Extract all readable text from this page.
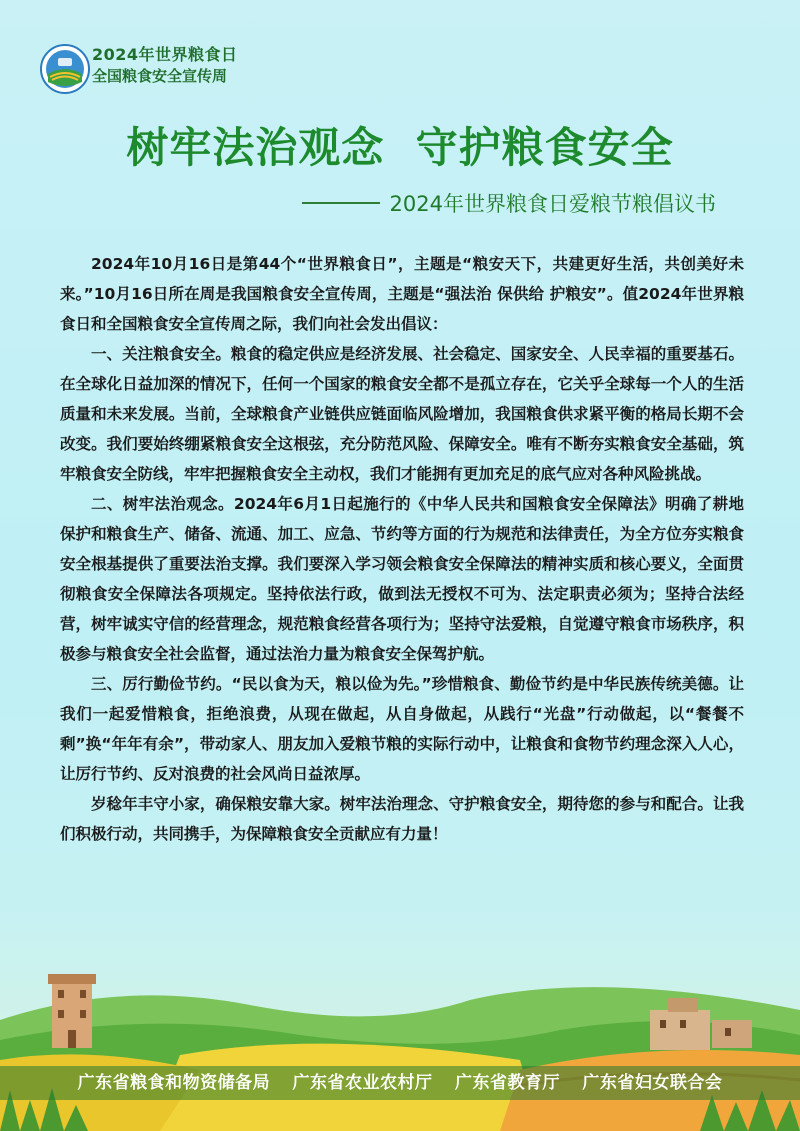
2024年世界粮食日
全国粮食安全宣传周
树牢法治观念  守护粮食安全
2024年世界粮食日爱粮节粮倡议书

2024年10月16日是第44个“世界粮食日”，主题是“粮安天下，共建更好生活，共创美好未来。”10月16日所在周是我国粮食安全宣传周，主题是“强法治 保供给 护粮安”。值2024年世界粮食日和全国粮食安全宣传周之际，我们向社会发出倡议：

一、关注粮食安全。粮食的稳定供应是经济发展、社会稳定、国家安全、人民幸福的重要基石。在全球化日益加深的情况下，任何一个国家的粮食安全都不是孤立存在，它关乎全球每一个人的生活质量和未来发展。当前，全球粮食产业链供应链面临风险增加，我国粮食供求紧平衡的格局长期不会改变。我们要始终绷紧粮食安全这根弦，充分防范风险、保障安全。唯有不断夯实粮食安全基础，筑牢粮食安全防线，牢牢把握粮食安全主动权，我们才能拥有更加充足的底气应对各种风险挑战。

二、树牢法治观念。2024年6月1日起施行的《中华人民共和国粮食安全保障法》明确了耕地保护和粮食生产、储备、流通、加工、应急、节约等方面的行为规范和法律责任，为全方位夯实粮食安全根基提供了重要法治支撑。我们要深入学习领会粮食安全保障法的精神实质和核心要义，全面贯彻粮食安全保障法各项规定。坚持依法行政，做到法无授权不可为、法定职责必须为；坚持合法经营，树牢诚实守信的经营理念，规范粮食经营各项行为；坚持守法爱粮，自觉遵守粮食市场秩序，积极参与粮食安全社会监督，通过法治力量为粮食安全保驾护航。

三、厉行勤俭节约。“民以食为天，粮以俭为先。”珍惜粮食、勤俭节约是中华民族传统美德。让我们一起爱惜粮食，拒绝浪费，从现在做起，从自身做起，从践行“光盘”行动做起，以“餐餐不剩”换“年年有余”，带动家人、朋友加入爱粮节粮的实际行动中，让粮食和食物节约理念深入人心，让厉行节约、反对浪费的社会风尚日益浓厚。

岁稔年丰守小家，确保粮安靠大家。树牢法治理念、守护粮食安全，期待您的参与和配合。让我们积极行动，共同携手，为保障粮食安全贡献应有力量！

广东省粮食和物资储备局 广东省农业农村厅 广东省教育厅 广东省妇女联合会
